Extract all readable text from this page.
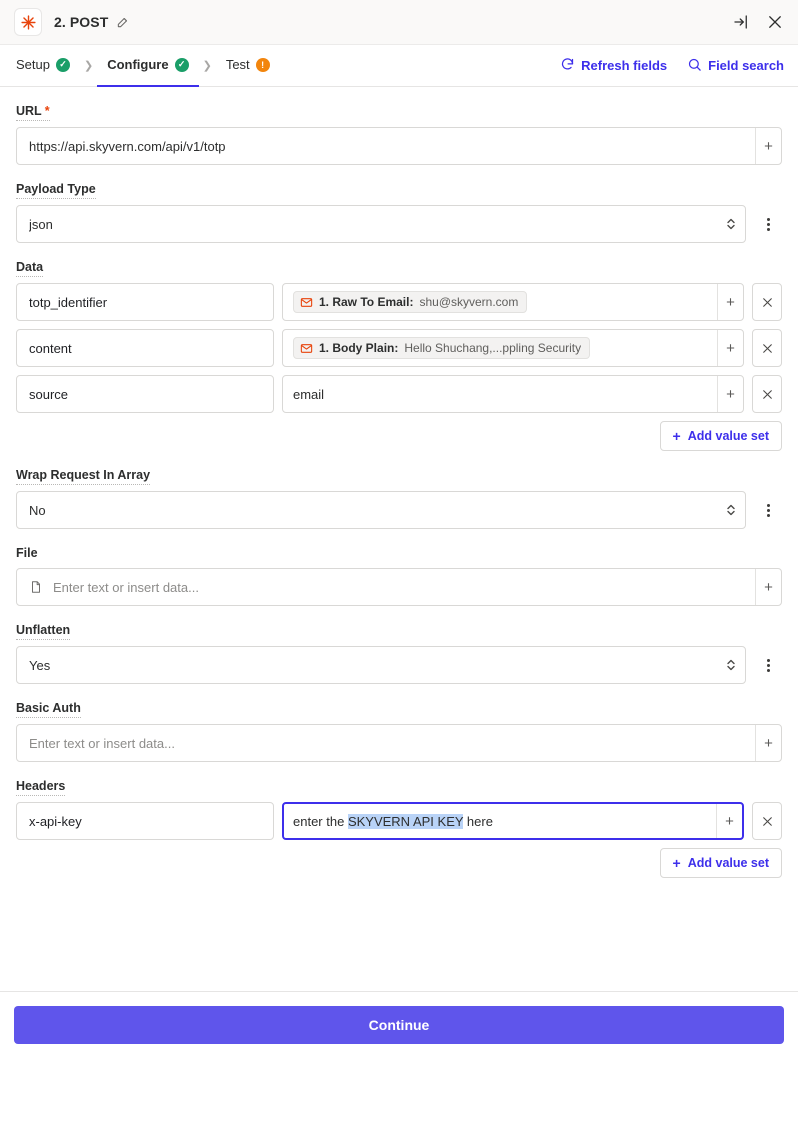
2. POST
Setup	✓	❯	Configure	✓	❯	Test	!	Refresh fields	Field search
URL *
https://api.skyvern.com/api/v1/totp	+
Payload Type
json
Data
totp_identifier	1. Raw To Email: shu@skyvern.com	+
content	1. Body Plain: Hello Shuchang,...ppling Security	+
source	email	+
+ Add value set
Wrap Request In Array
No
File
Enter text or insert data...	+
Unflatten
Yes
Basic Auth
Enter text or insert data...	+
Headers
x-api-key	enter the SKYVERN API KEY here	+
+ Add value set
Continue
